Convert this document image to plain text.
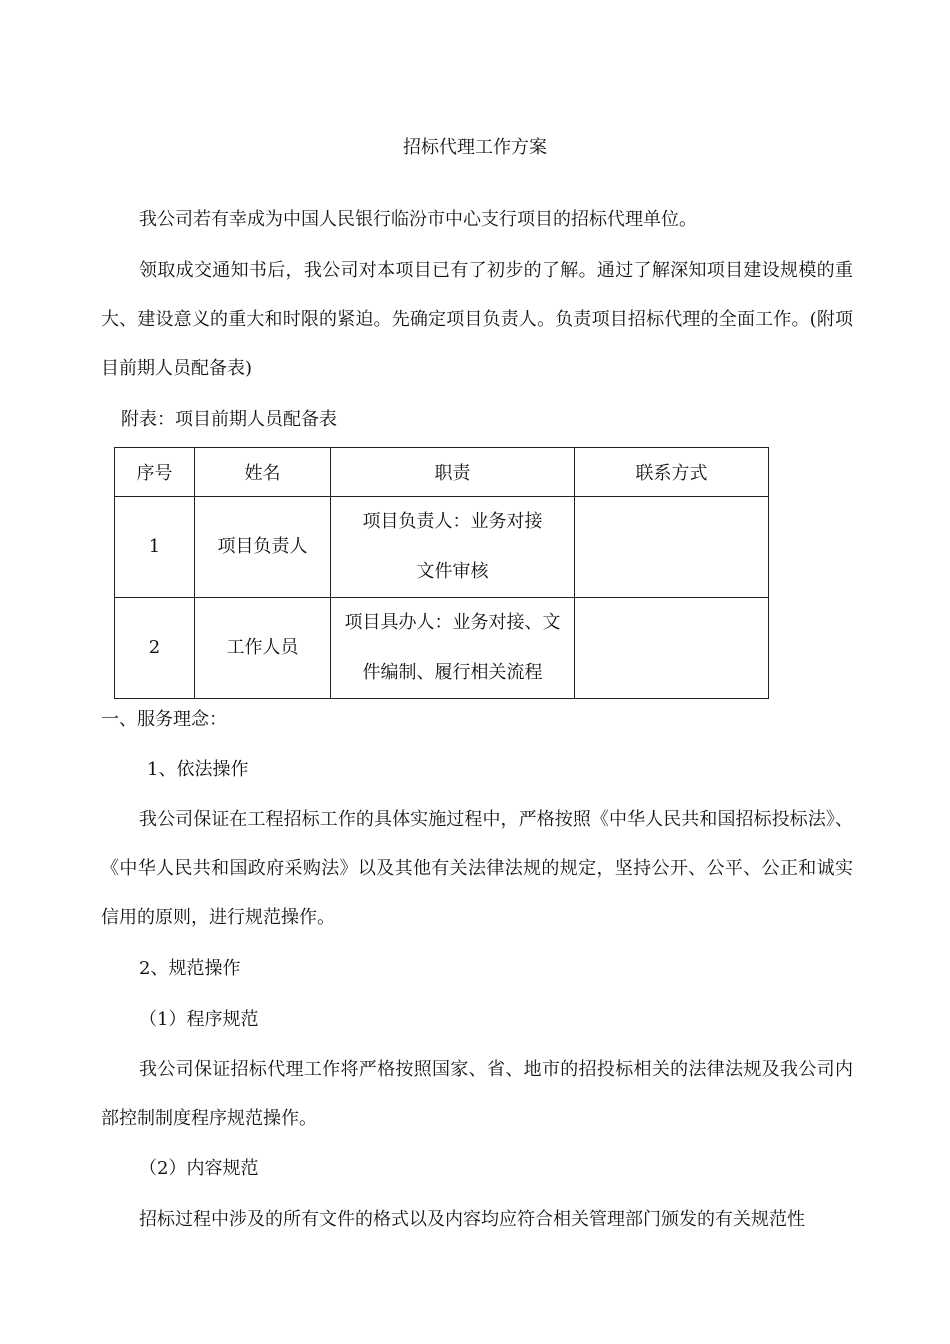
招标代理工作方案

我公司若有幸成为中国人民银行临汾市中心支行项目的招标代理单位。

领取成交通知书后，我公司对本项目已有了初步的了解。通过了解深知项目建设规模的重大、建设意义的重大和时限的紧迫。先确定项目负责人。负责项目招标代理的全面工作。(附项目前期人员配备表)

附表：项目前期人员配备表
序号	姓名	职责	联系方式
1	项目负责人	项目负责人：业务对接文件审核	
2	工作人员	项目具办人：业务对接、文件编制、履行相关流程	
一、服务理念：
1、依法操作

我公司保证在工程招标工作的具体实施过程中，严格按照《中华人民共和国招标投标法》、《中华人民共和国政府采购法》以及其他有关法律法规的规定，坚持公开、公平、公正和诚实信用的原则，进行规范操作。

2、规范操作
（1）程序规范

我公司保证招标代理工作将严格按照国家、省、地市的招投标相关的法律法规及我公司内部控制制度程序规范操作。

（2）内容规范

招标过程中涉及的所有文件的格式以及内容均应符合相关管理部门颁发的有关规范性
